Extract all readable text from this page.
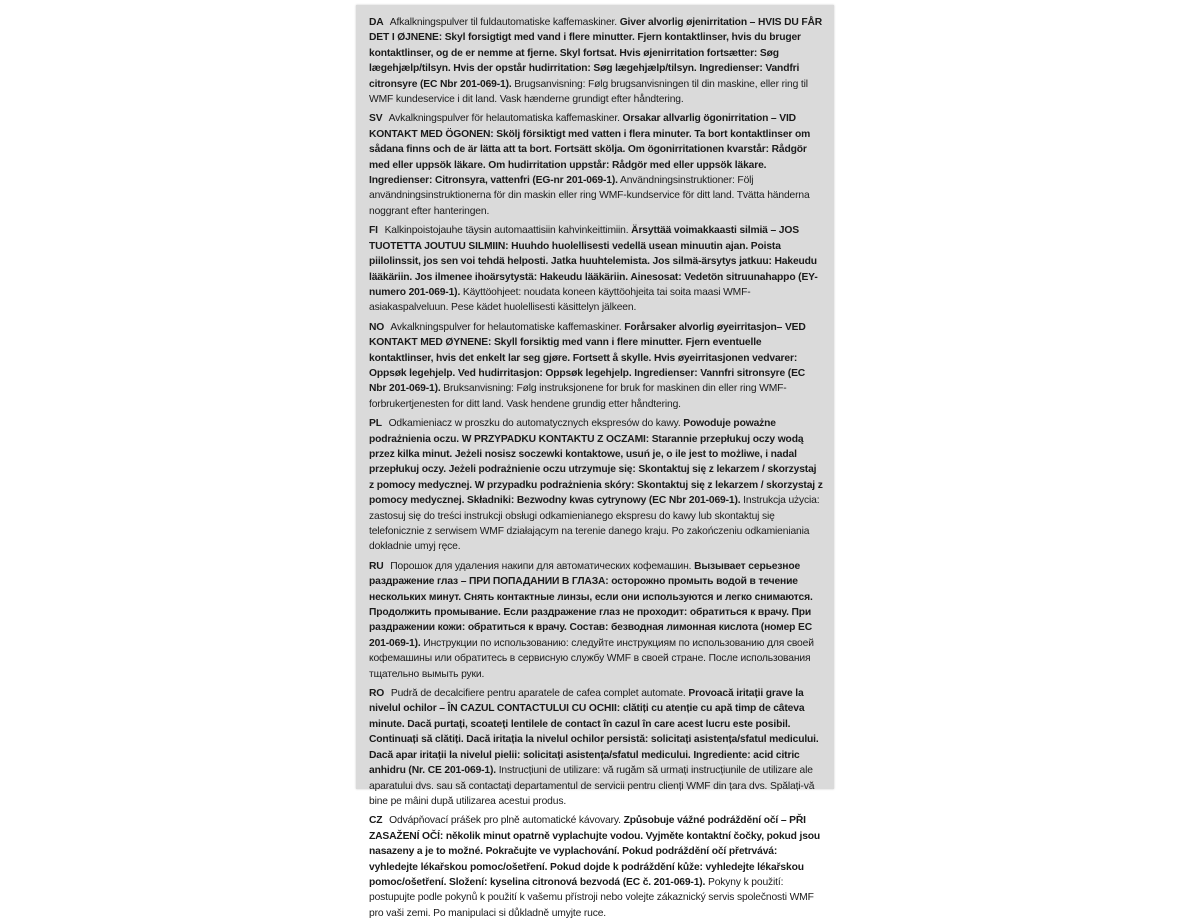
DA Afkalkningspulver til fuldautomatiske kaffemaskiner. Giver alvorlig øjenirritation – HVIS DU FÅR DET I ØJNENE: Skyl forsigtigt med vand i flere minutter. Fjern kontaktlinser, hvis du bruger kontaktlinser, og de er nemme at fjerne. Skyl fortsat. Hvis øjenirritation fortsætter: Søg lægehjælp/tilsyn. Hvis der opstår hudirritation: Søg lægehjælp/tilsyn. Ingredienser: Vandfri citronsyre (EC Nbr 201-069-1). Brugsanvisning: Følg brugsanvisningen til din maskine, eller ring til WMF kundeservice i dit land. Vask hænderne grundigt efter håndtering.

SV Avkalkningspulver för helautomatiska kaffemaskiner. Orsakar allvarlig ögonirritation – VID KONTAKT MED ÖGONEN: Skölj försiktigt med vatten i flera minuter. Ta bort kontaktlinser om sådana finns och de är lätta att ta bort. Fortsätt skölja. Om ögonirritationen kvarstår: Rådgör med eller uppsök läkare. Om hudirritation uppstår: Rådgör med eller uppsök läkare. Ingredienser: Citronsyra, vattenfri (EG-nr 201-069-1). Användningsinstruktioner: Följ användningsinstruktionerna för din maskin eller ring WMF-kundservice för ditt land. Tvätta händerna noggrant efter hanteringen.

FI Kalkinpoistojauhe täysin automaattisiin kahvinkeittimiin. Ärsyttää voimakkaasti silmiä – JOS TUOTETTA JOUTUU SILMIIN: Huuhdo huolellisesti vedellä usean minuutin ajan. Poista piilolinssit, jos sen voi tehdä helposti. Jatka huuhtelemista. Jos silmä-ärsytys jatkuu: Hakeudu lääkäriin. Jos ilmenee ihoärsytystä: Hakeudu lääkäriin. Ainesosat: Vedetön sitruunahappo (EY-numero 201-069-1). Käyttöohjeet: noudata koneen käyttöohjeita tai soita maasi WMF-asiakaspalveluun. Pese kädet huolellisesti käsittelyn jälkeen.

NO Avkalkningspulver for helautomatiske kaffemaskiner. Forårsaker alvorlig øyeirritasjon– VED KONTAKT MED ØYNENE: Skyll forsiktig med vann i flere minutter. Fjern eventuelle kontaktlinser, hvis det enkelt lar seg gjøre. Fortsett å skylle. Hvis øyeirritasjonen vedvarer: Oppsøk legehjelp. Ved hudirritasjon: Oppsøk legehjelp. Ingredienser: Vannfri sitronsyre (EC Nbr 201-069-1). Bruksanvisning: Følg instruksjonene for bruk for maskinen din eller ring WMF-forbrukertjenesten for ditt land. Vask hendene grundig etter håndtering.

PL Odkamieniacz w proszku do automatycznych ekspresów do kawy. Powoduje poważne podrażnienia oczu. W PRZYPADKU KONTAKTU Z OCZAMI: Starannie przepłukuj oczy wodą przez kilka minut. Jeżeli nosisz soczewki kontaktowe, usuń je, o ile jest to możliwe, i nadal przepłukuj oczy. Jeżeli podrażnienie oczu utrzymuje się: Skontaktuj się z lekarzem / skorzystaj z pomocy medycznej. W przypadku podrażnienia skóry: Skontaktuj się z lekarzem / skorzystaj z pomocy medycznej. Składniki: Bezwodny kwas cytrynowy (EC Nbr 201-069-1). Instrukcja użycia: zastosuj się do treści instrukcji obsługi odkamienianego ekspresu do kawy lub skontaktuj się telefonicznie z serwisem WMF działającym na terenie danego kraju. Po zakończeniu odkamieniania dokładnie umyj ręce.

RU Порошок для удаления накипи для автоматических кофемашин. Вызывает серьезное раздражение глаз – ПРИ ПОПАДАНИИ В ГЛАЗА: осторожно промыть водой в течение нескольких минут. Снять контактные линзы, если они используются и легко снимаются. Продолжить промывание. Если раздражение глаз не проходит: обратиться к врачу. При раздражении кожи: обратиться к врачу. Состав: безводная лимонная кислота (номер ЕС 201-069-1). Инструкции по использованию: следуйте инструкциям по использованию для своей кофемашины или обратитесь в сервисную службу WMF в своей стране. После использования тщательно вымыть руки.

RO Pudră de decalcifiere pentru aparatele de cafea complet automate. Provoacă iritații grave la nivelul ochilor – ÎN CAZUL CONTACTULUI CU OCHII: clătiți cu atenție cu apă timp de câteva minute. Dacă purtați, scoateți lentilele de contact în cazul în care acest lucru este posibil. Continuați să clătiți. Dacă iritația la nivelul ochilor persistă: solicitați asistența/sfatul medicului. Dacă apar iritații la nivelul pielii: solicitați asistența/sfatul medicului. Ingrediente: acid citric anhidru (Nr. CE 201-069-1). Instrucțiuni de utilizare: vă rugăm să urmați instrucțiunile de utilizare ale aparatului dvs. sau să contactați departamentul de servicii pentru clienți WMF din țara dvs. Spălați-vă bine pe mâini după utilizarea acestui produs.

CZ Odvápňovací prášek pro plně automatické kávovary. Způsobuje vážné podráždění očí – PŘI ZASAŽENÍ OČÍ: několik minut opatrně vyplachujte vodou. Vyjměte kontaktní čočky, pokud jsou nasazeny a je to možné. Pokračujte ve vyplachování. Pokud podráždění očí přetrvává: vyhledejte lékařskou pomoc/ošetření. Pokud dojde k podráždění kůže: vyhledejte lékařskou pomoc/ošetření. Složení: kyselina citronová bezvodá (EC č. 201-069-1). Pokyny k použití: postupujte podle pokynů k použití k vašemu přístroji nebo volejte zákaznický servis společnosti WMF pro vaši zemi. Po manipulaci si důkladně umyjte ruce.
